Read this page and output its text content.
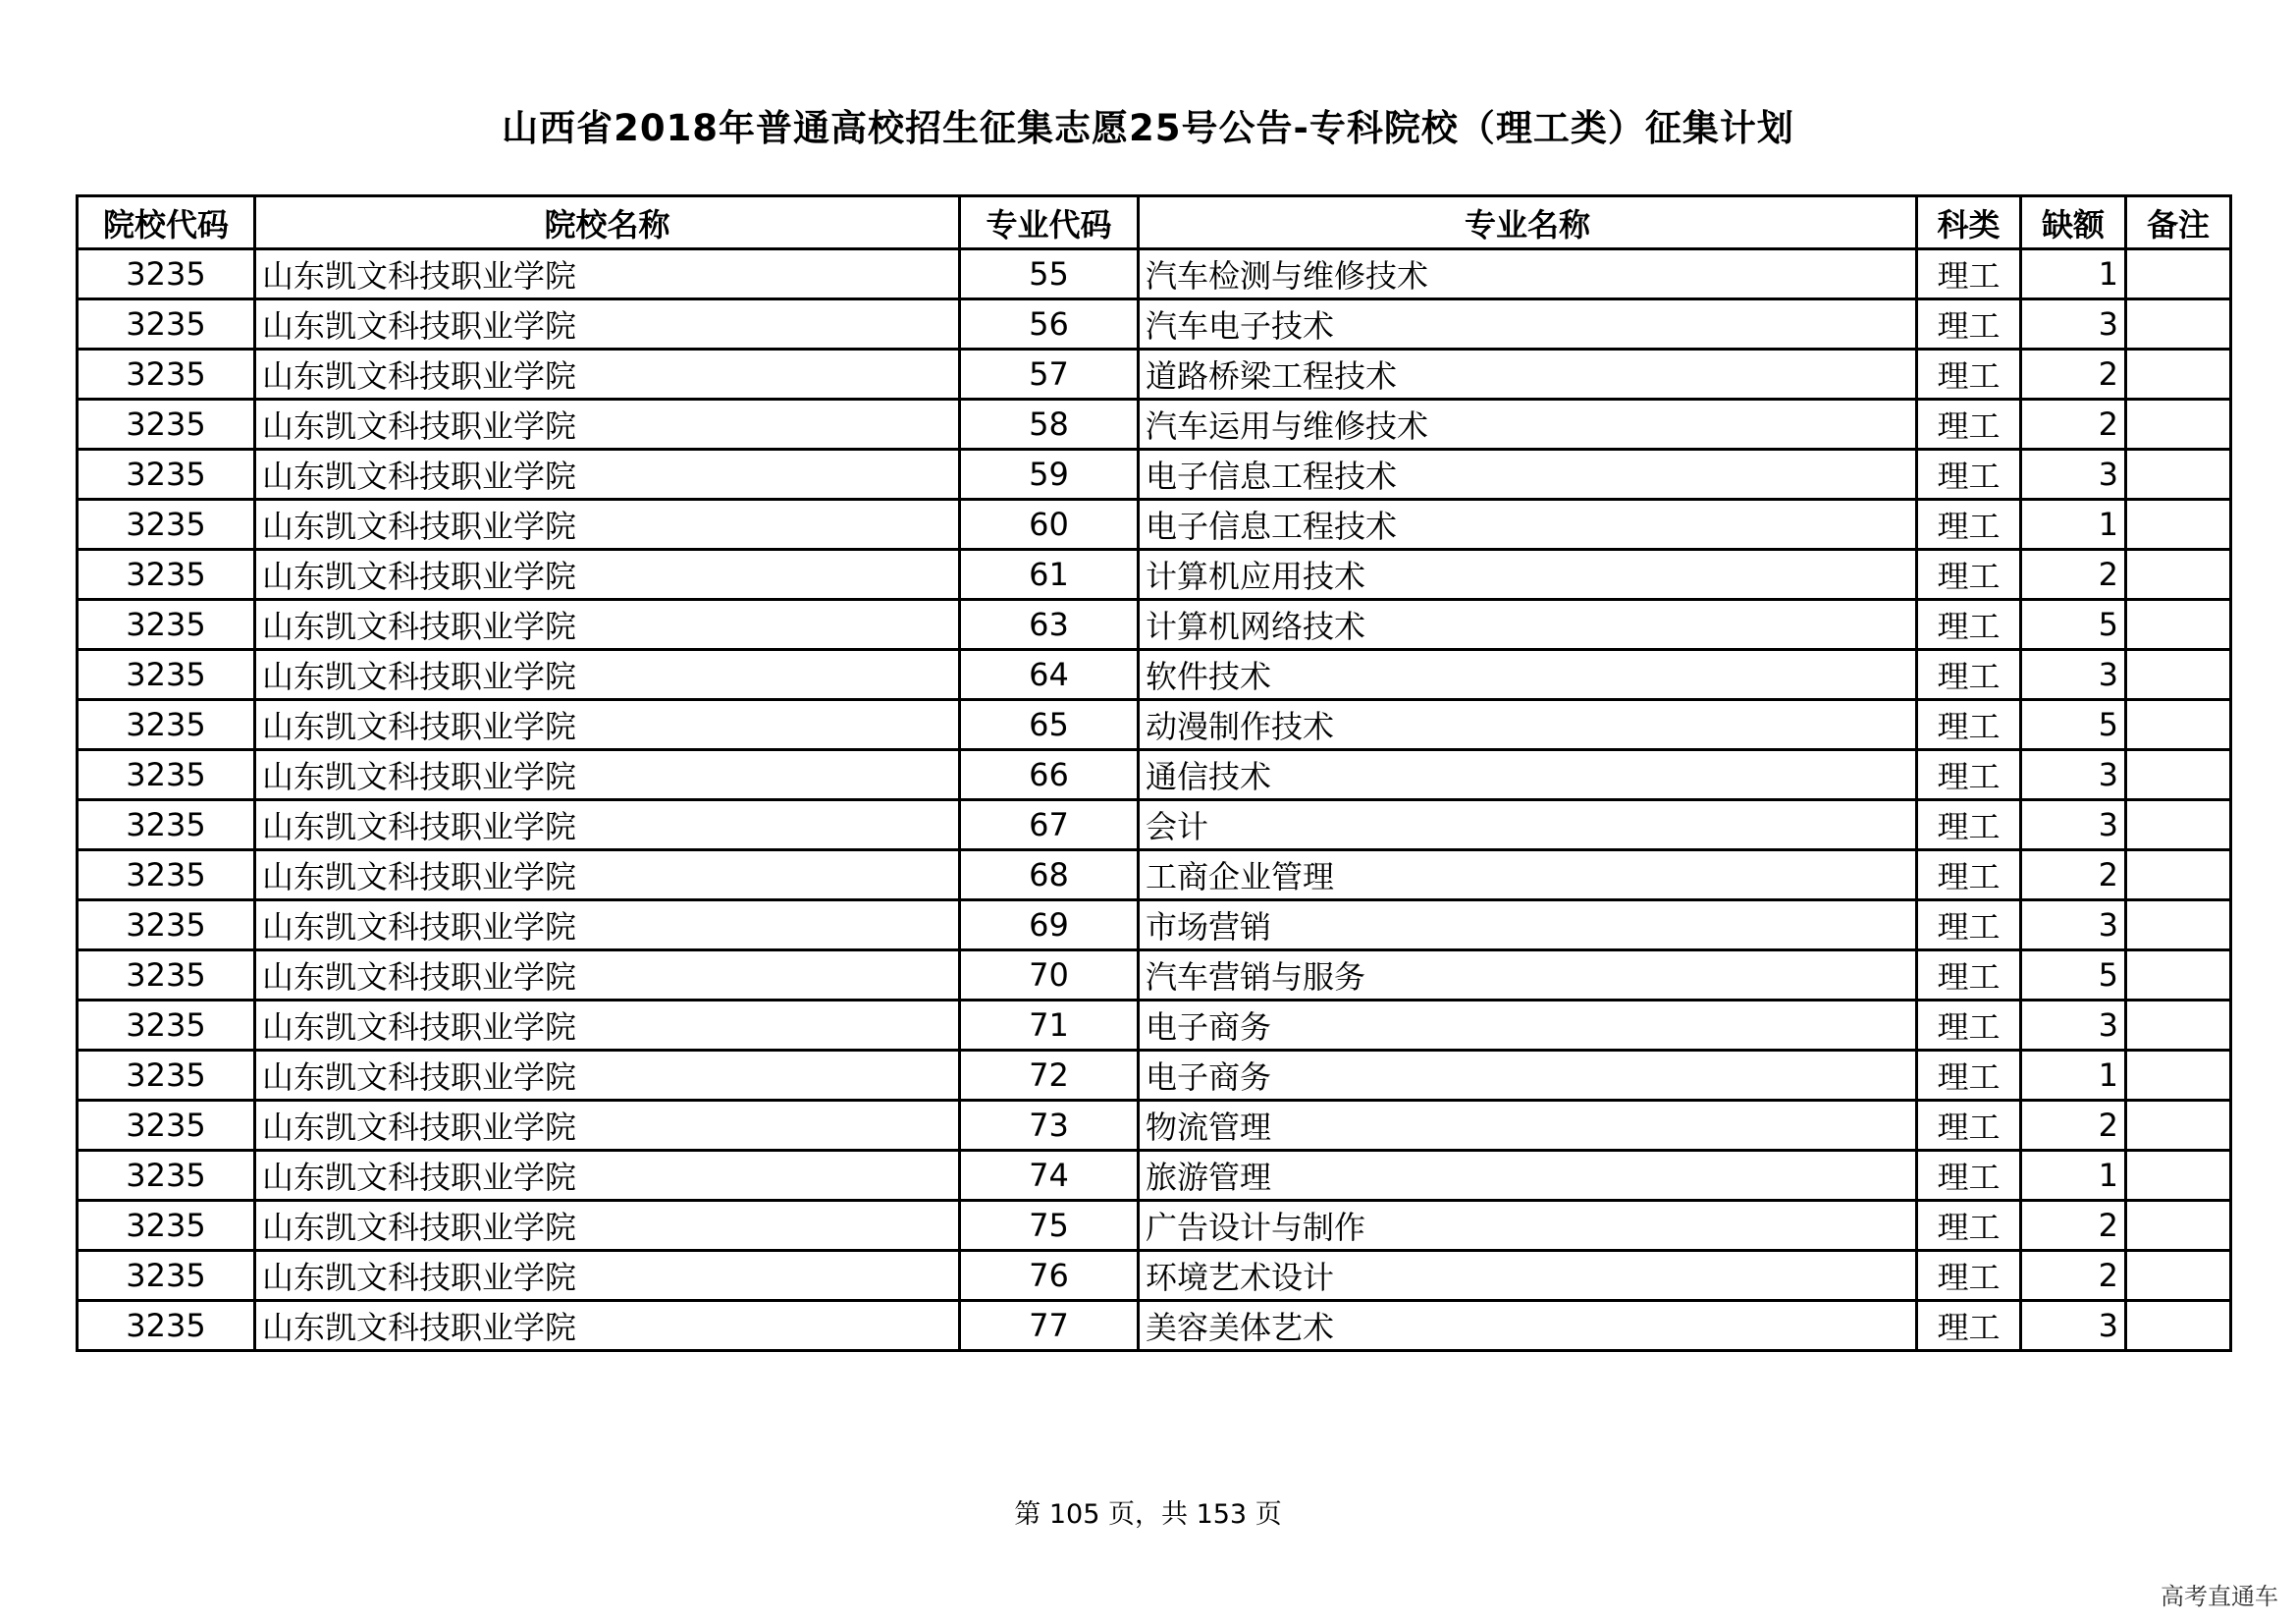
山西省2018年普通高校招生征集志愿25号公告-专科院校（理工类）征集计划
院校代码	院校名称	专业代码	专业名称	科类	缺额	备注
3235	山东凯文科技职业学院	55	汽车检测与维修技术	理工	1	
3235	山东凯文科技职业学院	56	汽车电子技术	理工	3	
3235	山东凯文科技职业学院	57	道路桥梁工程技术	理工	2	
3235	山东凯文科技职业学院	58	汽车运用与维修技术	理工	2	
3235	山东凯文科技职业学院	59	电子信息工程技术	理工	3	
3235	山东凯文科技职业学院	60	电子信息工程技术	理工	1	
3235	山东凯文科技职业学院	61	计算机应用技术	理工	2	
3235	山东凯文科技职业学院	63	计算机网络技术	理工	5	
3235	山东凯文科技职业学院	64	软件技术	理工	3	
3235	山东凯文科技职业学院	65	动漫制作技术	理工	5	
3235	山东凯文科技职业学院	66	通信技术	理工	3	
3235	山东凯文科技职业学院	67	会计	理工	3	
3235	山东凯文科技职业学院	68	工商企业管理	理工	2	
3235	山东凯文科技职业学院	69	市场营销	理工	3	
3235	山东凯文科技职业学院	70	汽车营销与服务	理工	5	
3235	山东凯文科技职业学院	71	电子商务	理工	3	
3235	山东凯文科技职业学院	72	电子商务	理工	1	
3235	山东凯文科技职业学院	73	物流管理	理工	2	
3235	山东凯文科技职业学院	74	旅游管理	理工	1	
3235	山东凯文科技职业学院	75	广告设计与制作	理工	2	
3235	山东凯文科技职业学院	76	环境艺术设计	理工	2	
3235	山东凯文科技职业学院	77	美容美体艺术	理工	3	
第 105 页，共 153 页
高考直通车
